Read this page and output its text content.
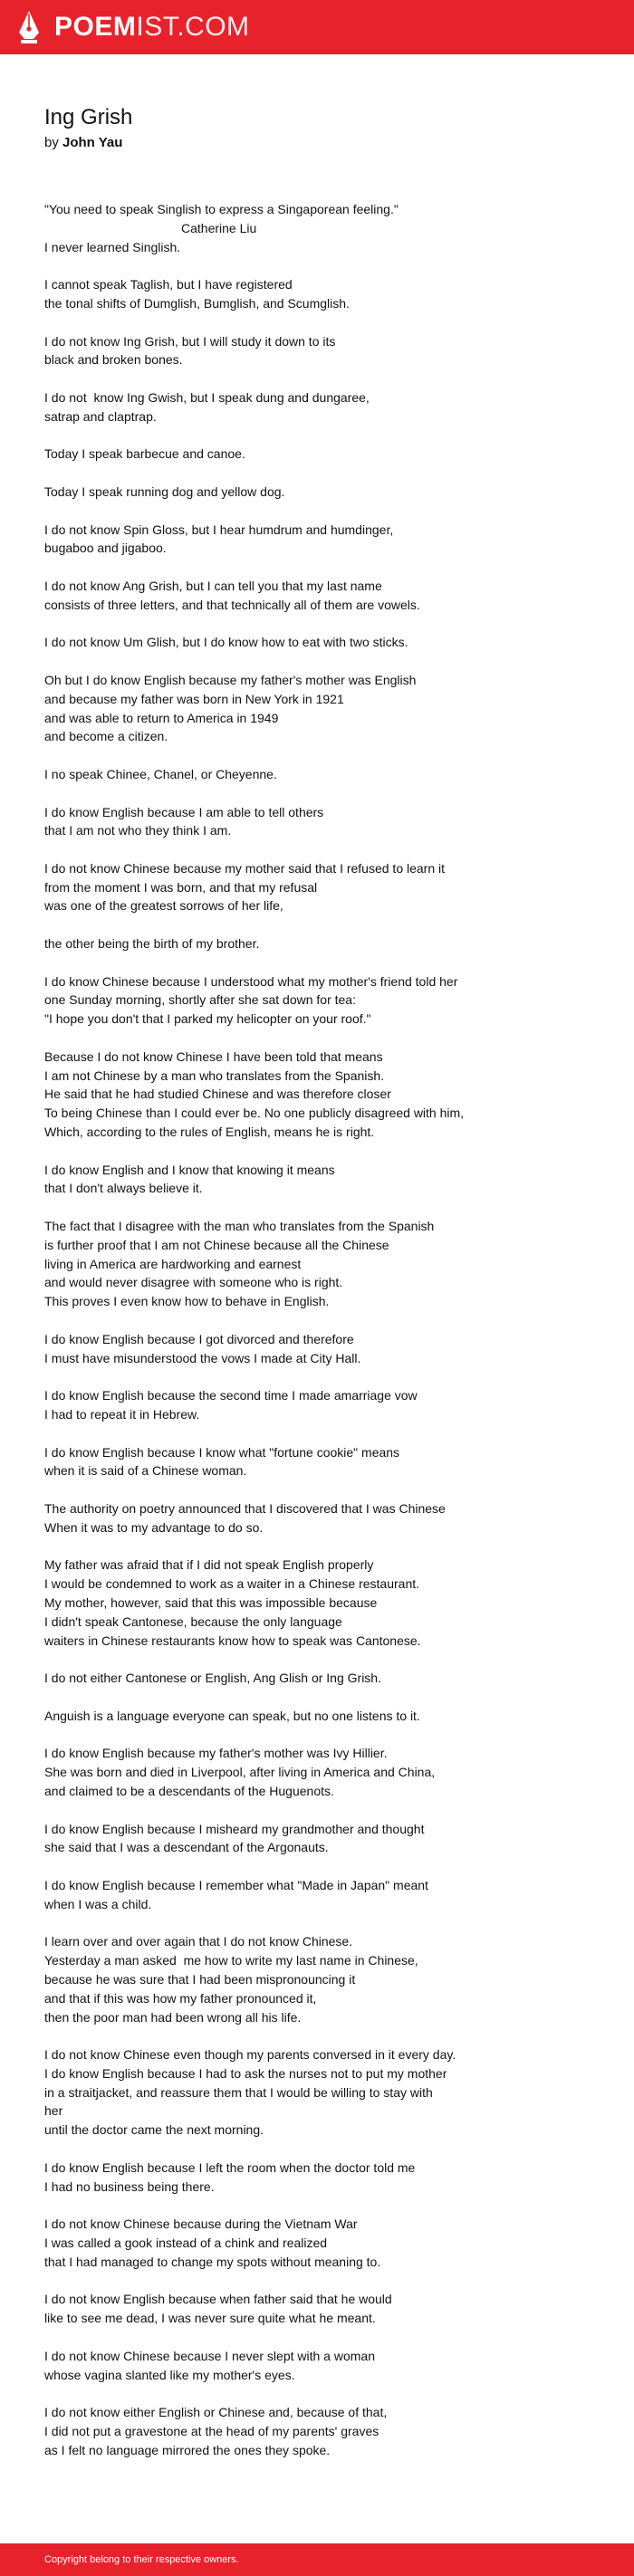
POEMIST.COM
Ing Grish
by John Yau
"You need to speak Singlish to express a Singaporean feeling."
Catherine Liu
I never learned Singlish.
I cannot speak Taglish, but I have registered
the tonal shifts of Dumglish, Bumglish, and Scumglish.
I do not know Ing Grish, but I will study it down to its
black and broken bones.
I do not  know Ing Gwish, but I speak dung and dungaree,
satrap and claptrap.
Today I speak barbecue and canoe.
Today I speak running dog and yellow dog.
I do not know Spin Gloss, but I hear humdrum and humdinger,
bugaboo and jigaboo.
I do not know Ang Grish, but I can tell you that my last name
consists of three letters, and that technically all of them are vowels.
I do not know Um Glish, but I do know how to eat with two sticks.
Oh but I do know English because my father's mother was English
and because my father was born in New York in 1921
and was able to return to America in 1949
and become a citizen.
I no speak Chinee, Chanel, or Cheyenne.
I do know English because I am able to tell others
that I am not who they think I am.
I do not know Chinese because my mother said that I refused to learn it
from the moment I was born, and that my refusal
was one of the greatest sorrows of her life,
the other being the birth of my brother.
I do know Chinese because I understood what my mother's friend told her
one Sunday morning, shortly after she sat down for tea:
"I hope you don't that I parked my helicopter on your roof."
Because I do not know Chinese I have been told that means
I am not Chinese by a man who translates from the Spanish.
He said that he had studied Chinese and was therefore closer
To being Chinese than I could ever be. No one publicly disagreed with him,
Which, according to the rules of English, means he is right.
I do know English and I know that knowing it means
that I don't always believe it.
The fact that I disagree with the man who translates from the Spanish
is further proof that I am not Chinese because all the Chinese
living in America are hardworking and earnest
and would never disagree with someone who is right.
This proves I even know how to behave in English.
I do know English because I got divorced and therefore
I must have misunderstood the vows I made at City Hall.
I do know English because the second time I made amarriage vow
I had to repeat it in Hebrew.
I do know English because I know what "fortune cookie" means
when it is said of a Chinese woman.
The authority on poetry announced that I discovered that I was Chinese
When it was to my advantage to do so.
My father was afraid that if I did not speak English properly
I would be condemned to work as a waiter in a Chinese restaurant.
My mother, however, said that this was impossible because
I didn't speak Cantonese, because the only language
waiters in Chinese restaurants know how to speak was Cantonese.
I do not either Cantonese or English, Ang Glish or Ing Grish.
Anguish is a language everyone can speak, but no one listens to it.
I do know English because my father's mother was Ivy Hillier.
She was born and died in Liverpool, after living in America and China,
and claimed to be a descendants of the Huguenots.
I do know English because I misheard my grandmother and thought
she said that I was a descendant of the Argonauts.
I do know English because I remember what "Made in Japan" meant
when I was a child.
I learn over and over again that I do not know Chinese.
Yesterday a man asked  me how to write my last name in Chinese,
because he was sure that I had been mispronouncing it
and that if this was how my father pronounced it,
then the poor man had been wrong all his life.
I do not know Chinese even though my parents conversed in it every day.
I do know English because I had to ask the nurses not to put my mother
in a straitjacket, and reassure them that I would be willing to stay with
her
until the doctor came the next morning.
I do know English because I left the room when the doctor told me
I had no business being there.
I do not know Chinese because during the Vietnam War
I was called a gook instead of a chink and realized
that I had managed to change my spots without meaning to.
I do not know English because when father said that he would
like to see me dead, I was never sure quite what he meant.
I do not know Chinese because I never slept with a woman
whose vagina slanted like my mother's eyes.
I do not know either English or Chinese and, because of that,
I did not put a gravestone at the head of my parents' graves
as I felt no language mirrored the ones they spoke.
Copyright belong to their respective owners.
